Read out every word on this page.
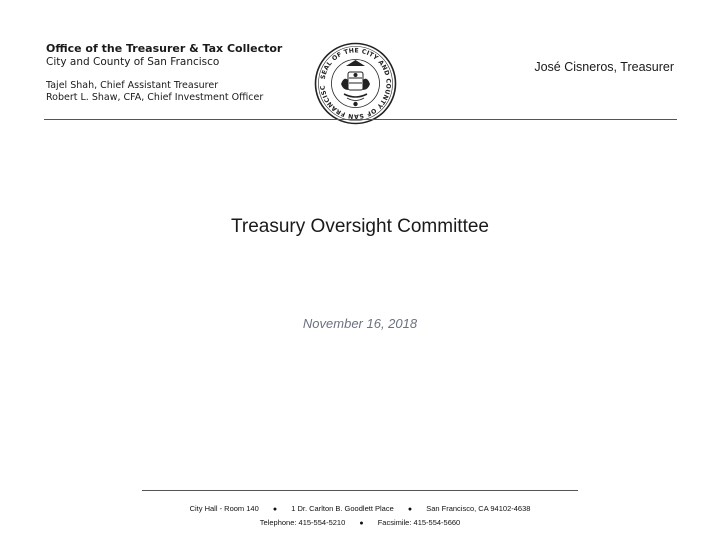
Office of the Treasurer & Tax Collector
City and County of San Francisco
Tajel Shah, Chief Assistant Treasurer
Robert L. Shaw, CFA, Chief Investment Officer
SEAL OF THE CITY AND COUNTY OF SAN FRANCISC
José Cisneros, Treasurer
Treasury Oversight Committee
November 16, 2018
City Hall - Room 140 ● 1 Dr. Carlton B. Goodlett Place ● San Francisco, CA 94102-4638
Telephone: 415-554-5210 ● Facsimile: 415-554-5660
